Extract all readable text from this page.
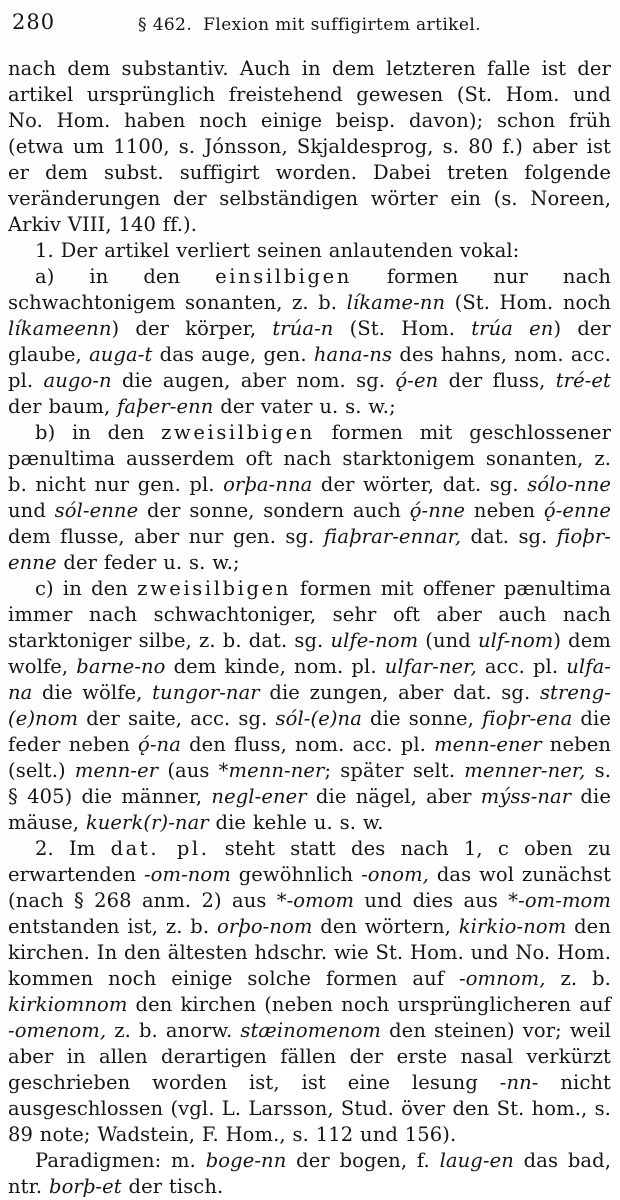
280	§ 462. Flexion mit suffigirtem artikel.

nach dem substantiv. Auch in dem letzteren falle ist der artikel ursprünglich freistehend gewesen (St. Hom. und No. Hom. haben noch einige beisp. davon); schon früh (etwa um 1100, s. Jónsson, Skjaldesprog, s. 80 f.) aber ist er dem subst. suffigirt worden. Dabei treten folgende veränderungen der selbständigen wörter ein (s. Noreen, Arkiv VIII, 140 ff.).

1. Der artikel verliert seinen anlautenden vokal:

a) in den einsilbigen formen nur nach schwachtonigem sonanten, z. b. líkame-nn (St. Hom. noch líkameenn) der körper, trúa-n (St. Hom. trúa en) der glaube, auga-t das auge, gen. hana-ns des hahns, nom. acc. pl. augo-n die augen, aber nom. sg. ǫ́-en der fluss, tré-et der baum, faþer-enn der vater u. s. w.;

b) in den zweisilbigen formen mit geschlossener pænultima ausserdem oft nach starktonigem sonanten, z. b. nicht nur gen. pl. orþa-nna der wörter, dat. sg. sólo-nne und sól-enne der sonne, sondern auch ǫ́-nne neben ǫ́-enne dem flusse, aber nur gen. sg. fiaþrar-ennar, dat. sg. fioþr-enne der feder u. s. w.;

c) in den zweisilbigen formen mit offener pænultima immer nach schwachtoniger, sehr oft aber auch nach starktoniger silbe, z. b. dat. sg. ulfe-nom (und ulf-nom) dem wolfe, barne-no dem kinde, nom. pl. ulfar-ner, acc. pl. ulfa-na die wölfe, tungor-nar die zungen, aber dat. sg. streng-(e)nom der saite, acc. sg. sól-(e)na die sonne, fioþr-ena die feder neben ǫ́-na den fluss, nom. acc. pl. menn-ener neben (selt.) menn-er (aus *menn-ner; später selt. menner-ner, s. § 405) die männer, negl-ener die nägel, aber mýss-nar die mäuse, kuerk(r)-nar die kehle u. s. w.

2. Im dat. pl. steht statt des nach 1, c oben zu erwartenden -om-nom gewöhnlich -onom, das wol zunächst (nach § 268 anm. 2) aus *-omom und dies aus *-om-mom entstanden ist, z. b. orþo-nom den wörtern, kirkio-nom den kirchen. In den ältesten hdschr. wie St. Hom. und No. Hom. kommen noch einige solche formen auf -omnom, z. b. kirkiomnom den kirchen (neben noch ursprünglicheren auf -omenom, z. b. anorw. stæinomenom den steinen) vor; weil aber in allen derartigen fällen der erste nasal verkürzt geschrieben worden ist, ist eine lesung -nn- nicht ausgeschlossen (vgl. L. Larsson, Stud. över den St. hom., s. 89 note; Wadstein, F. Hom., s. 112 und 156).

Paradigmen: m. boge-nn der bogen, f. laug-en das bad, ntr. borþ-et der tisch.
